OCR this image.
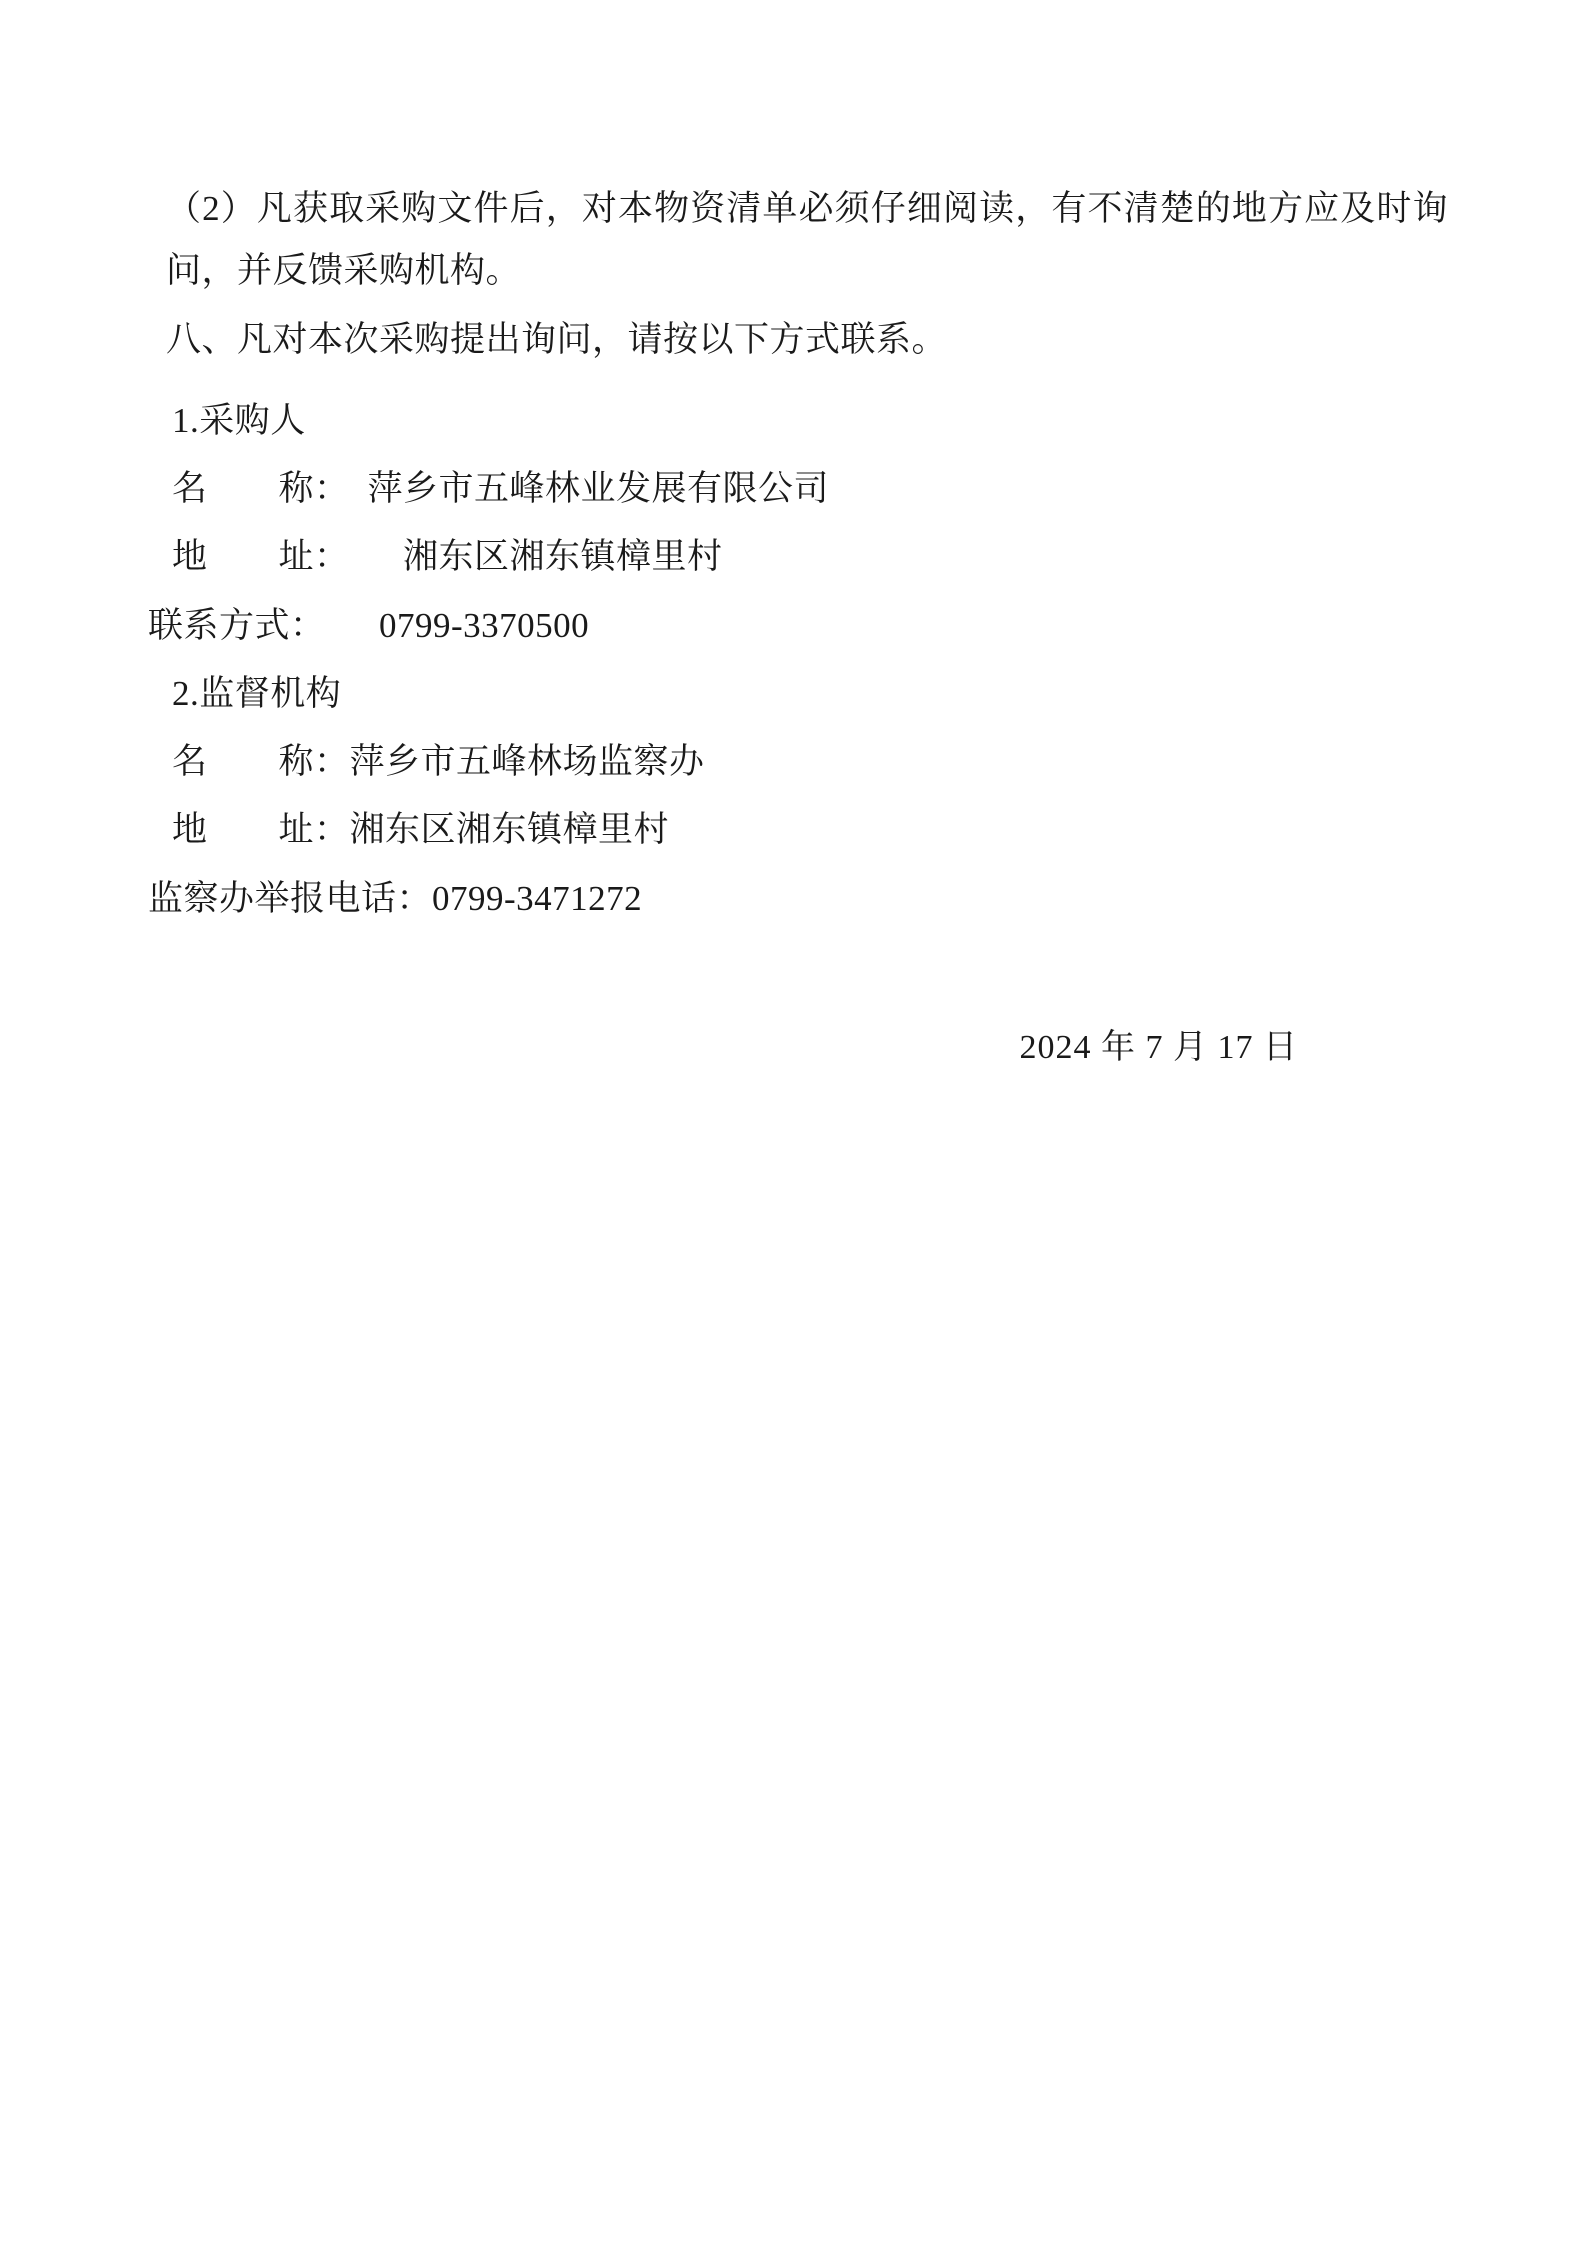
（2）凡获取采购文件后，对本物资清单必须仔细阅读，有不清楚的地方应及时询问，并反馈采购机构。

八、凡对本次采购提出询问，请按以下方式联系。

1.采购人

名　　称：　萍乡市五峰林业发展有限公司

地　　址：　　湘东区湘东镇樟里村

联系方式：　　0799-3370500

2.监督机构

名　　称：萍乡市五峰林场监察办

地　　址：湘东区湘东镇樟里村

监察办举报电话：0799-3471272

2024 年 7 月 17 日
